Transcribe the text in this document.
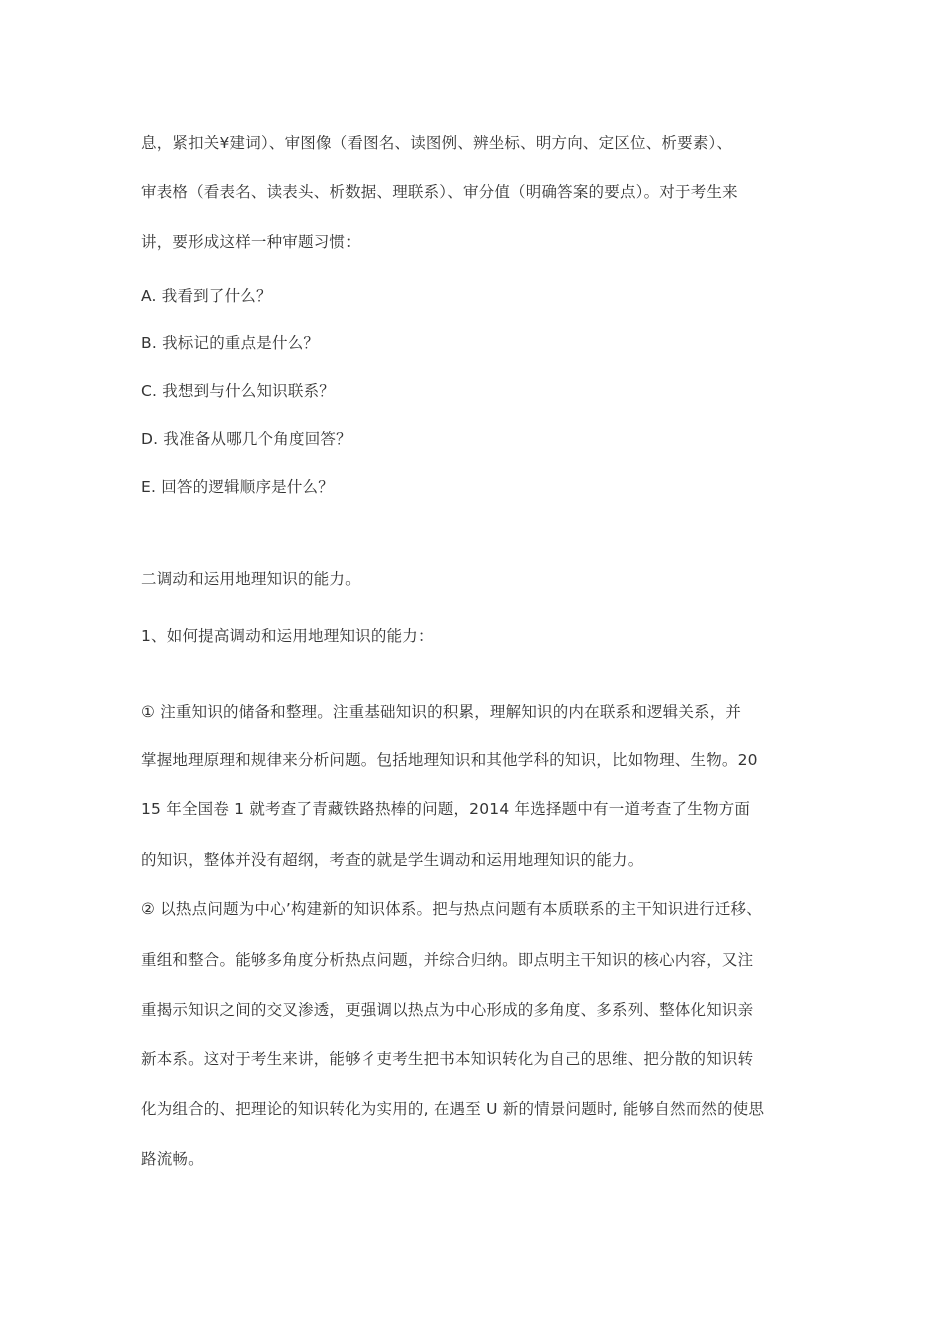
息，紧扣关¥建词）、审图像（看图名、读图例、辨坐标、明方向、定区位、析要素）、
审表格（看表名、读表头、析数据、理联系）、审分值（明确答案的要点）。对于考生来
讲，要形成这样一种审题习惯：
A. 我看到了什么？
B. 我标记的重点是什么？
C. 我想到与什么知识联系？
D. 我准备从哪几个角度回答？
E. 回答的逻辑顺序是什么？
二调动和运用地理知识的能力。
1、如何提高调动和运用地理知识的能力：
① 注重知识的储备和整理。注重基础知识的积累，理解知识的内在联系和逻辑关系，并
掌握地理原理和规律来分析问题。包括地理知识和其他学科的知识，比如物理、生物。20
15 年全国卷 1 就考查了青藏铁路热棒的问题，2014 年选择题中有一道考查了生物方面
的知识，整体并没有超纲，考查的就是学生调动和运用地理知识的能力。
② 以热点问题为中心’构建新的知识体系。把与热点问题有本质联系的主干知识进行迁移、
重组和整合。能够多角度分析热点问题，并综合归纳。即点明主干知识的核心内容，又注
重揭示知识之间的交叉渗透，更强调以热点为中心形成的多角度、多系列、整体化知识亲
新本系。这对于考生来讲，能够彳吏考生把书本知识转化为自己的思维、把分散的知识转
化为组合的、把理论的知识转化为实用的, 在遇至 U 新的情景问题时, 能够自然而然的使思
路流畅。
